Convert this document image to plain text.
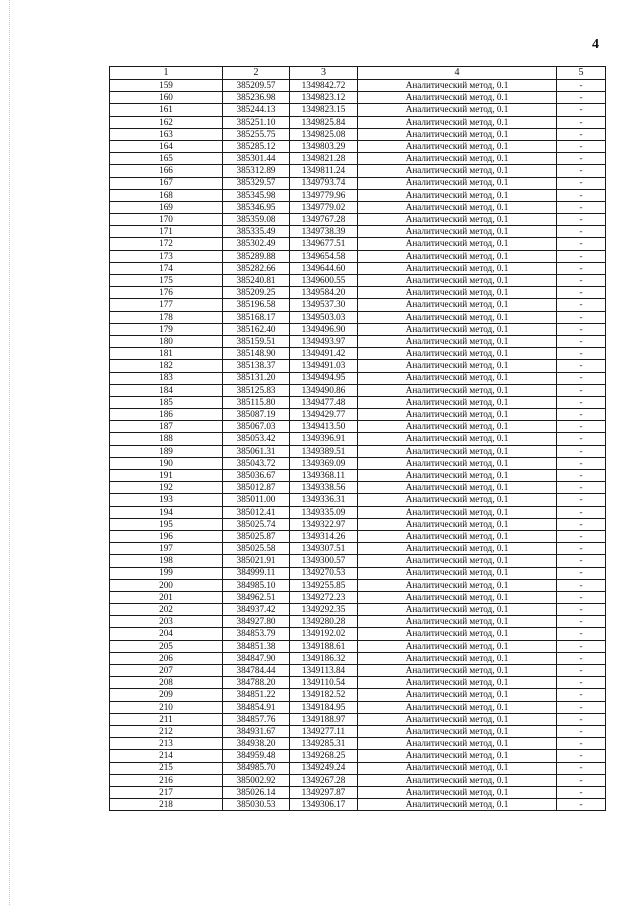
4
1	2	3	4	5
159	385209.57	1349842.72	Аналитический метод, 0.1	-
160	385236.98	1349823.12	Аналитический метод, 0.1	-
161	385244.13	1349823.15	Аналитический метод, 0.1	-
162	385251.10	1349825.84	Аналитический метод, 0.1	-
163	385255.75	1349825.08	Аналитический метод, 0.1	-
164	385285.12	1349803.29	Аналитический метод, 0.1	-
165	385301.44	1349821.28	Аналитический метод, 0.1	-
166	385312.89	1349811.24	Аналитический метод, 0.1	-
167	385329.57	1349793.74	Аналитический метод, 0.1	-
168	385345.98	1349779.96	Аналитический метод, 0.1	-
169	385346.95	1349779.02	Аналитический метод, 0.1	-
170	385359.08	1349767.28	Аналитический метод, 0.1	-
171	385335.49	1349738.39	Аналитический метод, 0.1	-
172	385302.49	1349677.51	Аналитический метод, 0.1	-
173	385289.88	1349654.58	Аналитический метод, 0.1	-
174	385282.66	1349644.60	Аналитический метод, 0.1	-
175	385240.81	1349600.55	Аналитический метод, 0.1	-
176	385209.25	1349584.20	Аналитический метод, 0.1	-
177	385196.58	1349537.30	Аналитический метод, 0.1	-
178	385168.17	1349503.03	Аналитический метод, 0.1	-
179	385162.40	1349496.90	Аналитический метод, 0.1	-
180	385159.51	1349493.97	Аналитический метод, 0.1	-
181	385148.90	1349491.42	Аналитический метод, 0.1	-
182	385138.37	1349491.03	Аналитический метод, 0.1	-
183	385131.20	1349494.95	Аналитический метод, 0.1	-
184	385125.83	1349490.86	Аналитический метод, 0.1	-
185	385115.80	1349477.48	Аналитический метод, 0.1	-
186	385087.19	1349429.77	Аналитический метод, 0.1	-
187	385067.03	1349413.50	Аналитический метод, 0.1	-
188	385053.42	1349396.91	Аналитический метод, 0.1	-
189	385061.31	1349389.51	Аналитический метод, 0.1	-
190	385043.72	1349369.09	Аналитический метод, 0.1	-
191	385036.67	1349368.11	Аналитический метод, 0.1	-
192	385012.87	1349338.56	Аналитический метод, 0.1	-
193	385011.00	1349336.31	Аналитический метод, 0.1	-
194	385012.41	1349335.09	Аналитический метод, 0.1	-
195	385025.74	1349322.97	Аналитический метод, 0.1	-
196	385025.87	1349314.26	Аналитический метод, 0.1	-
197	385025.58	1349307.51	Аналитический метод, 0.1	-
198	385021.91	1349300.57	Аналитический метод, 0.1	-
199	384999.11	1349270.53	Аналитический метод, 0.1	-
200	384985.10	1349255.85	Аналитический метод, 0.1	-
201	384962.51	1349272.23	Аналитический метод, 0.1	-
202	384937.42	1349292.35	Аналитический метод, 0.1	-
203	384927.80	1349280.28	Аналитический метод, 0.1	-
204	384853.79	1349192.02	Аналитический метод, 0.1	-
205	384851.38	1349188.61	Аналитический метод, 0.1	-
206	384847.90	1349186.32	Аналитический метод, 0.1	-
207	384784.44	1349113.84	Аналитический метод, 0.1	-
208	384788.20	1349110.54	Аналитический метод, 0.1	-
209	384851.22	1349182.52	Аналитический метод, 0.1	-
210	384854.91	1349184.95	Аналитический метод, 0.1	-
211	384857.76	1349188.97	Аналитический метод, 0.1	-
212	384931.67	1349277.11	Аналитический метод, 0.1	-
213	384938.20	1349285.31	Аналитический метод, 0.1	-
214	384959.48	1349268.25	Аналитический метод, 0.1	-
215	384985.70	1349249.24	Аналитический метод, 0.1	-
216	385002.92	1349267.28	Аналитический метод, 0.1	-
217	385026.14	1349297.87	Аналитический метод, 0.1	-
218	385030.53	1349306.17	Аналитический метод, 0.1	-
